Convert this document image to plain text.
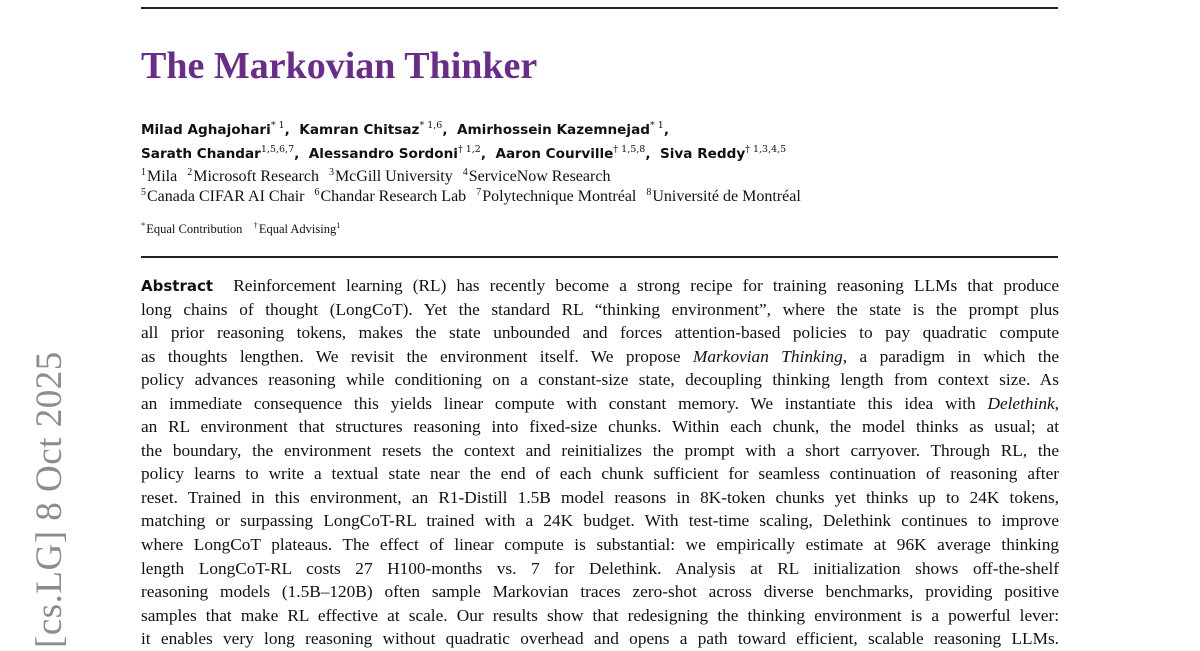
The Markovian Thinker
Milad Aghajohari$^{* 1}$, Kamran Chitsaz$^{* 1,6}$, Amirhossein Kazemnejad$^{* 1}$,
Sarath Chandar$^{1,5,6,7}$, Alessandro Sordoni$^{\dagger 1,2}$, Aaron Courville$^{\dagger 1,5,8}$, Siva Reddy$^{\dagger 1,3,4,5}$
$^1$Mila $^2$Microsoft Research $^3$McGill University $^4$ServiceNow Research
$^5$Canada CIFAR AI Chair $^6$Chandar Research Lab $^7$Polytechnique Montréal $^8$Université de Montréal
*Equal Contribution †Equal Advising$^1$
Abstract Reinforcement learning (RL) has recently become a strong recipe for training reasoning LLMs that produce
long chains of thought (LongCoT). Yet the standard RL “thinking environment”, where the state is the prompt plus
all prior reasoning tokens, makes the state unbounded and forces attention-based policies to pay quadratic compute
as thoughts lengthen. We revisit the environment itself. We propose Markovian Thinking, a paradigm in which the
policy advances reasoning while conditioning on a constant-size state, decoupling thinking length from context size. As
an immediate consequence this yields linear compute with constant memory. We instantiate this idea with Delethink,
an RL environment that structures reasoning into fixed-size chunks. Within each chunk, the model thinks as usual; at
the boundary, the environment resets the context and reinitializes the prompt with a short carryover. Through RL, the
policy learns to write a textual state near the end of each chunk sufficient for seamless continuation of reasoning after
reset. Trained in this environment, an R1-Distill 1.5B model reasons in 8K-token chunks yet thinks up to 24K tokens,
matching or surpassing LongCoT-RL trained with a 24K budget. With test-time scaling, Delethink continues to improve
where LongCoT plateaus. The effect of linear compute is substantial: we empirically estimate at 96K average thinking
length LongCoT-RL costs 27 H100-months vs. 7 for Delethink. Analysis at RL initialization shows off-the-shelf
reasoning models (1.5B–120B) often sample Markovian traces zero-shot across diverse benchmarks, providing positive
samples that make RL effective at scale. Our results show that redesigning the thinking environment is a powerful lever:
it enables very long reasoning without quadratic overhead and opens a path toward efficient, scalable reasoning LLMs.
[cs.LG] 8 Oct 2025
